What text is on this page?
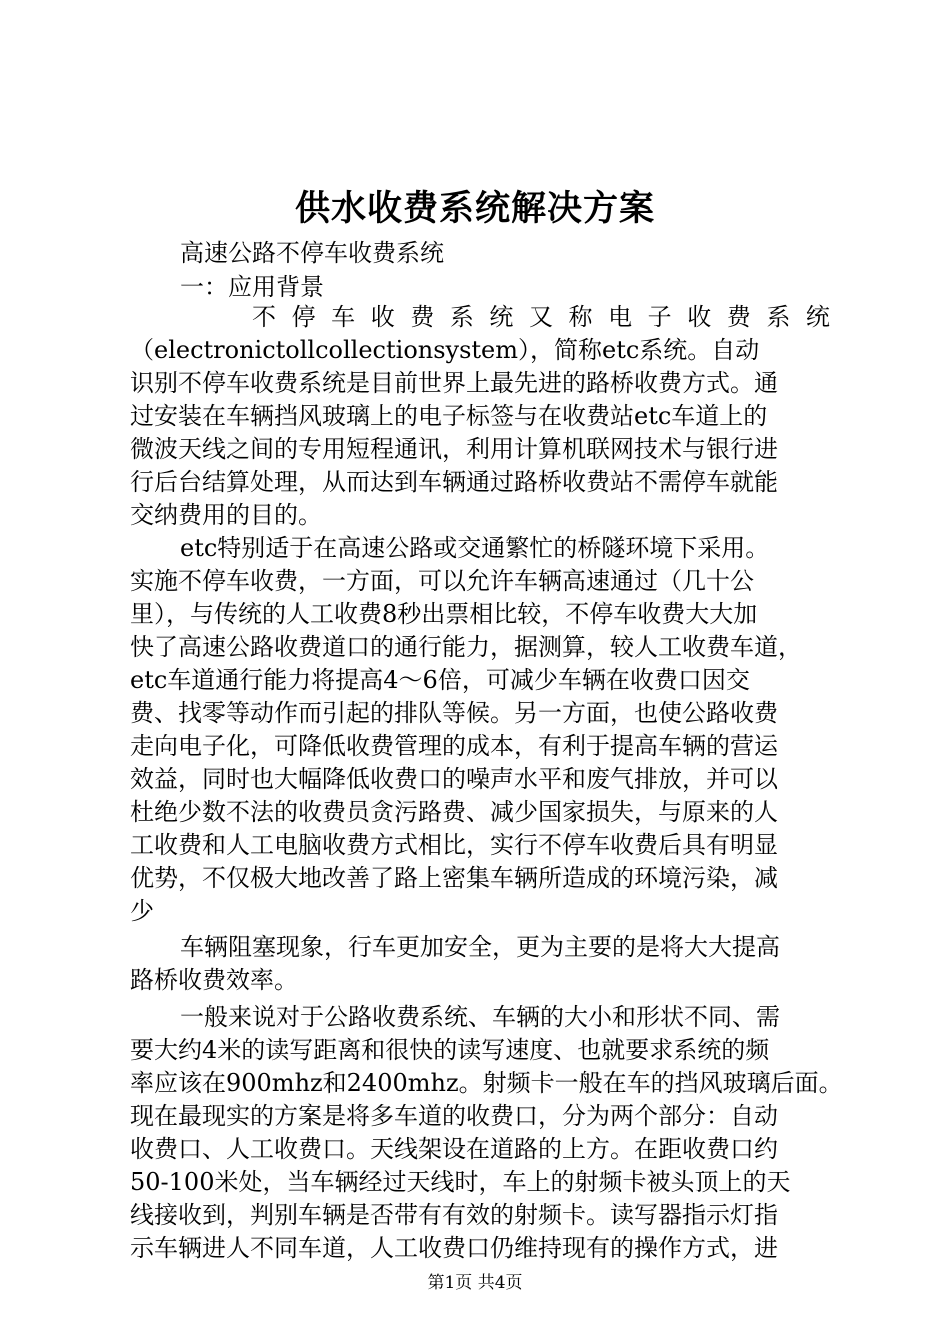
供水收费系统解决方案
高速公路不停车收费系统
一：应用背景
不 停 车 收 费 系 统 又 称 电 子 收 费 系 统
（electronictollcollectionsystem），简称etc系统。自动
识别不停车收费系统是目前世界上最先进的路桥收费方式。通
过安装在车辆挡风玻璃上的电子标签与在收费站etc车道上的
微波天线之间的专用短程通讯，利用计算机联网技术与银行进
行后台结算处理，从而达到车辆通过路桥收费站不需停车就能
交纳费用的目的。
etc特别适于在高速公路或交通繁忙的桥隧环境下采用。
实施不停车收费，一方面，可以允许车辆高速通过（几十公
里），与传统的人工收费8秒出票相比较，不停车收费大大加
快了高速公路收费道口的通行能力，据测算，较人工收费车道，
etc车道通行能力将提高4～6倍，可减少车辆在收费口因交
费、找零等动作而引起的排队等候。另一方面，也使公路收费
走向电子化，可降低收费管理的成本，有利于提高车辆的营运
效益，同时也大幅降低收费口的噪声水平和废气排放，并可以
杜绝少数不法的收费员贪污路费、减少国家损失，与原来的人
工收费和人工电脑收费方式相比，实行不停车收费后具有明显
优势，不仅极大地改善了路上密集车辆所造成的环境污染，减
少
车辆阻塞现象，行车更加安全，更为主要的是将大大提高
路桥收费效率。
一般来说对于公路收费系统、车辆的大小和形状不同、需
要大约4米的读写距离和很快的读写速度、也就要求系统的频
率应该在900mhz和2400mhz。射频卡一般在车的挡风玻璃后面。
现在最现实的方案是将多车道的收费口，分为两个部分：自动
收费口、人工收费口。天线架设在道路的上方。在距收费口约
50-100米处，当车辆经过天线时，车上的射频卡被头顶上的天
线接收到，判别车辆是否带有有效的射频卡。读写器指示灯指
示车辆进人不同车道，人工收费口仍维持现有的操作方式，进
第1页 共4页
